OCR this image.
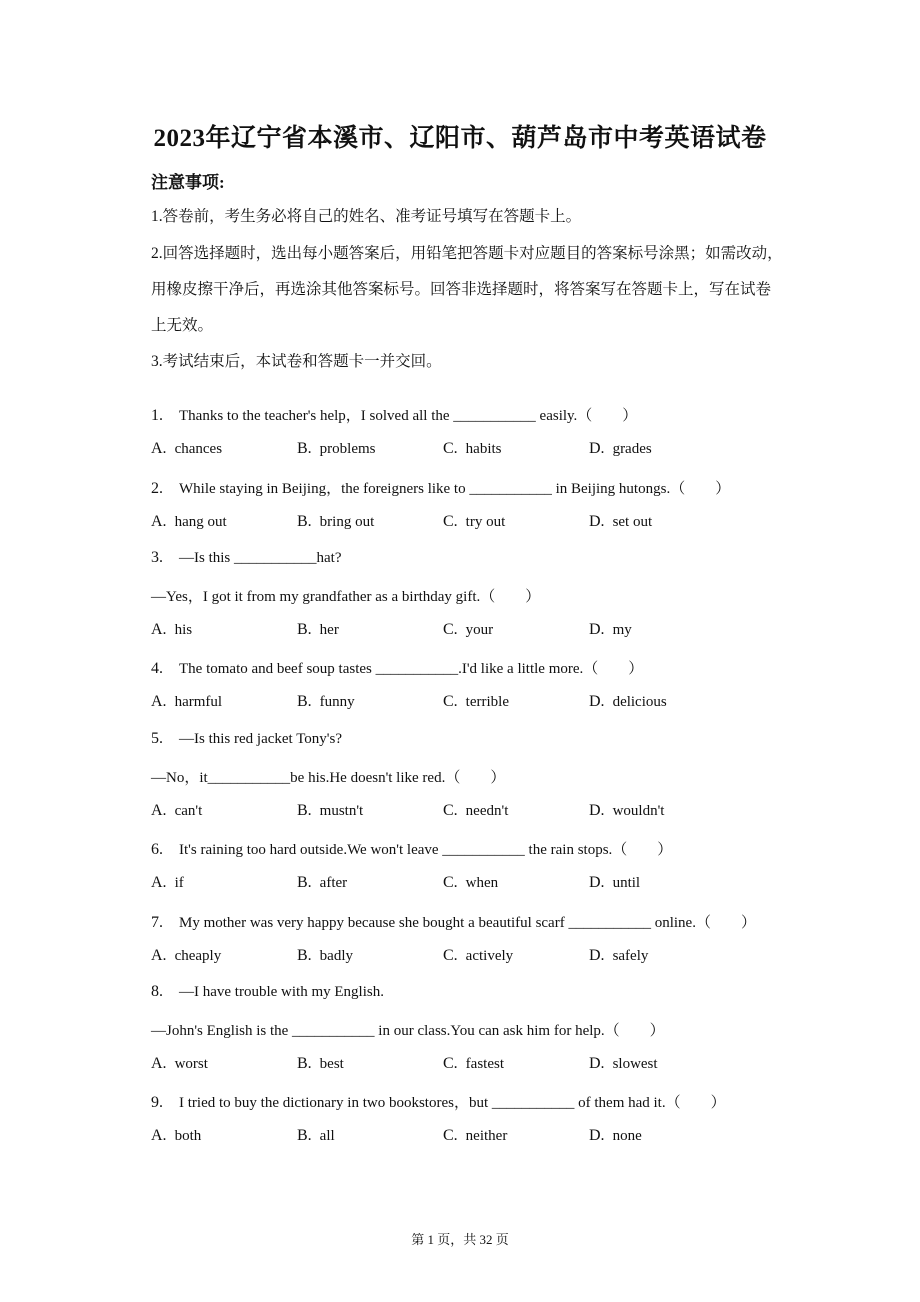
2023年辽宁省本溪市、辽阳市、葫芦岛市中考英语试卷
注意事项:
1.答卷前，考生务必将自己的姓名、准考证号填写在答题卡上。
2.回答选择题时，选出每小题答案后，用铅笔把答题卡对应题目的答案标号涂黑；如需改动，
用橡皮擦干净后，再选涂其他答案标号。回答非选择题时，将答案写在答题卡上，写在试卷
上无效。
3.考试结束后，本试卷和答题卡一并交回。
1. Thanks to the teacher's help，I solved all the ___________ easily.（　　）
A. chances	B. problems	C. habits	D. grades
2. While staying in Beijing，the foreigners like to ___________ in Beijing hutongs.（　　）
A. hang out	B. bring out	C. try out	D. set out
3. —Is this ___________hat?
—Yes，I got it from my grandfather as a birthday gift.（　　）
A. his	B. her	C. your	D. my
4. The tomato and beef soup tastes ___________.I'd like a little more.（　　）
A. harmful	B. funny	C. terrible	D. delicious
5. —Is this red jacket Tony's?
—No，it___________be his.He doesn't like red.（　　）
A. can't	B. mustn't	C. needn't	D. wouldn't
6. It's raining too hard outside.We won't leave ___________ the rain stops.（　　）
A. if	B. after	C. when	D. until
7. My mother was very happy because she bought a beautiful scarf ___________ online.（　　）
A. cheaply	B. badly	C. actively	D. safely
8. —I have trouble with my English.
—John's English is the ___________ in our class.You can ask him for help.（　　）
A. worst	B. best	C. fastest	D. slowest
9. I tried to buy the dictionary in two bookstores，but ___________ of them had it.（　　）
A. both	B. all	C. neither	D. none
第 1 页，共 32 页
